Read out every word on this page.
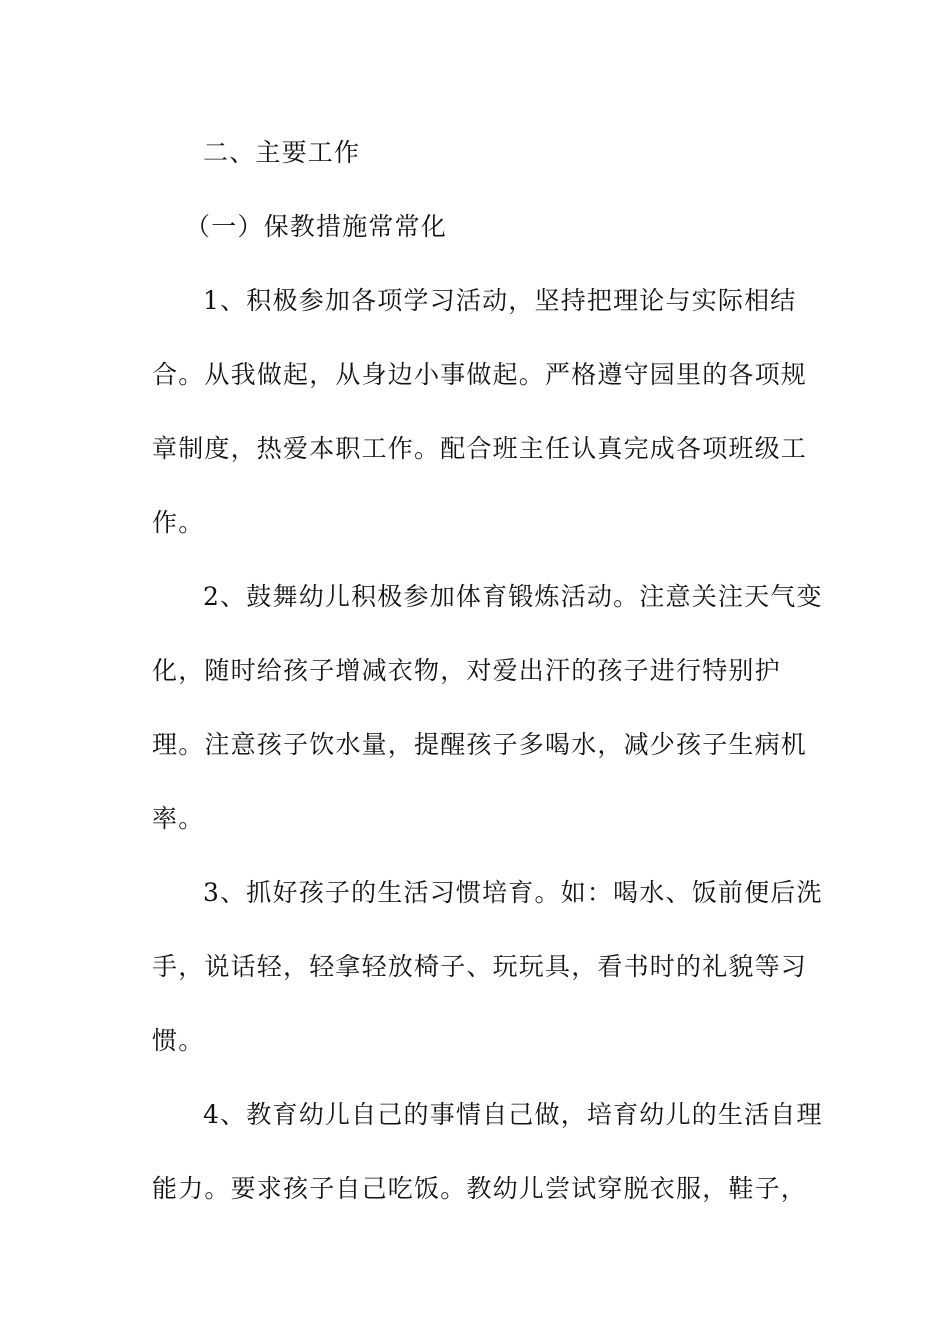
二、主要工作
（一）保教措施常常化
1、积极参加各项学习活动，坚持把理论与实际相结
合。从我做起，从身边小事做起。严格遵守园里的各项规
章制度，热爱本职工作。配合班主任认真完成各项班级工
作。
2、鼓舞幼儿积极参加体育锻炼活动。注意关注天气变
化，随时给孩子增减衣物，对爱出汗的孩子进行特别护
理。注意孩子饮水量，提醒孩子多喝水，减少孩子生病机
率。
3、抓好孩子的生活习惯培育。如：喝水、饭前便后洗
手，说话轻，轻拿轻放椅子、玩玩具，看书时的礼貌等习
惯。
4、教育幼儿自己的事情自己做，培育幼儿的生活自理
能力。要求孩子自己吃饭。教幼儿尝试穿脱衣服，鞋子，
